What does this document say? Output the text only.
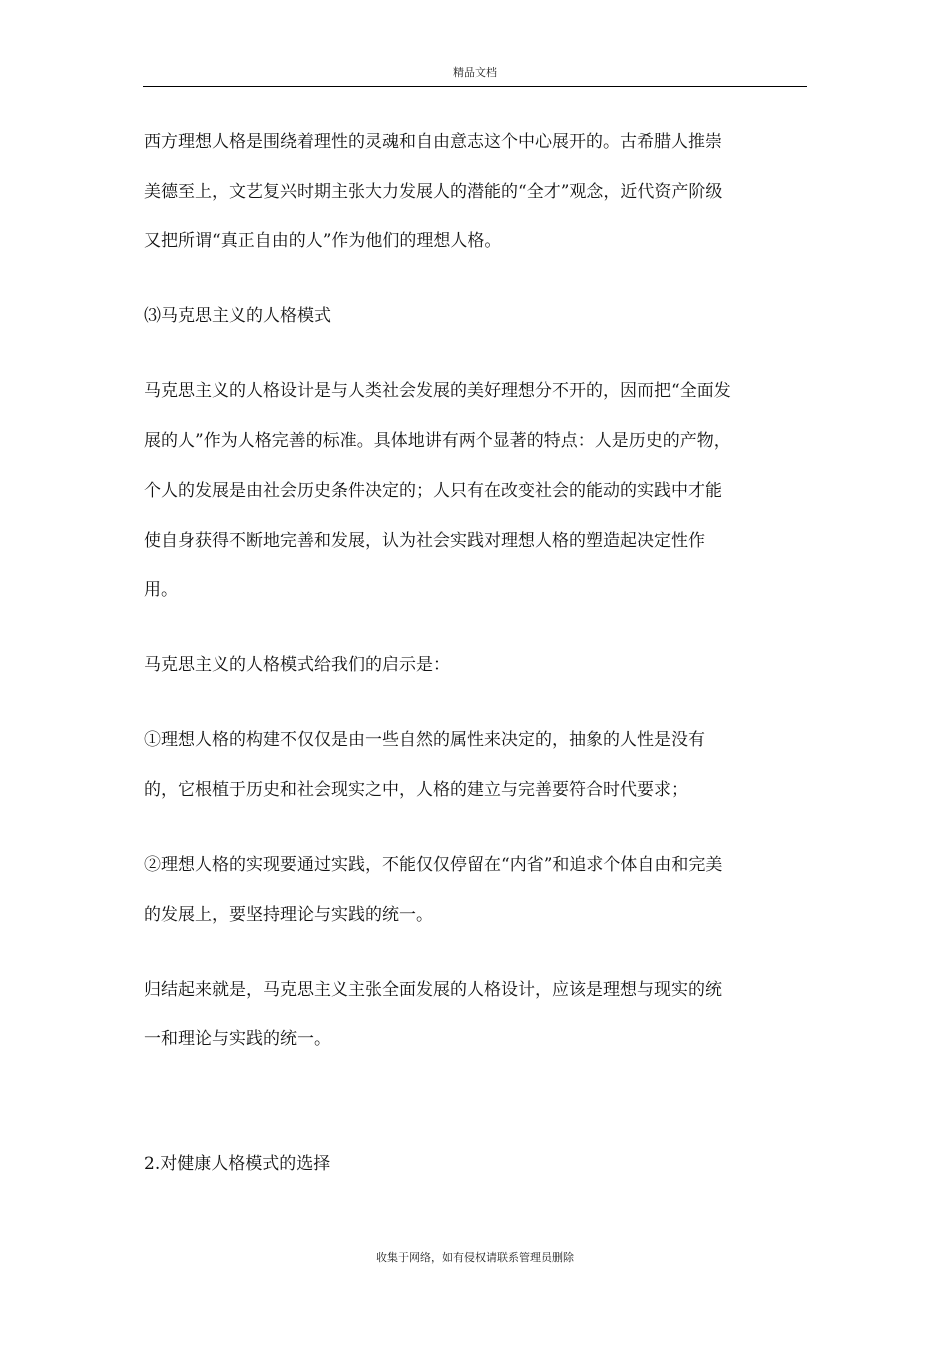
精品文档
西方理想人格是围绕着理性的灵魂和自由意志这个中心展开的。古希腊人推崇
美德至上，文艺复兴时期主张大力发展人的潜能的“全才”观念，近代资产阶级
又把所谓“真正自由的人”作为他们的理想人格。
⑶马克思主义的人格模式
马克思主义的人格设计是与人类社会发展的美好理想分不开的，因而把“全面发
展的人”作为人格完善的标准。具体地讲有两个显著的特点：人是历史的产物，
个人的发展是由社会历史条件决定的；人只有在改变社会的能动的实践中才能
使自身获得不断地完善和发展，认为社会实践对理想人格的塑造起决定性作
用。
马克思主义的人格模式给我们的启示是：
①理想人格的构建不仅仅是由一些自然的属性来决定的，抽象的人性是没有
的，它根植于历史和社会现实之中，人格的建立与完善要符合时代要求；
②理想人格的实现要通过实践，不能仅仅停留在“内省”和追求个体自由和完美
的发展上，要坚持理论与实践的统一。
归结起来就是，马克思主义主张全面发展的人格设计，应该是理想与现实的统
一和理论与实践的统一。
2.对健康人格模式的选择
收集于网络，如有侵权请联系管理员删除
